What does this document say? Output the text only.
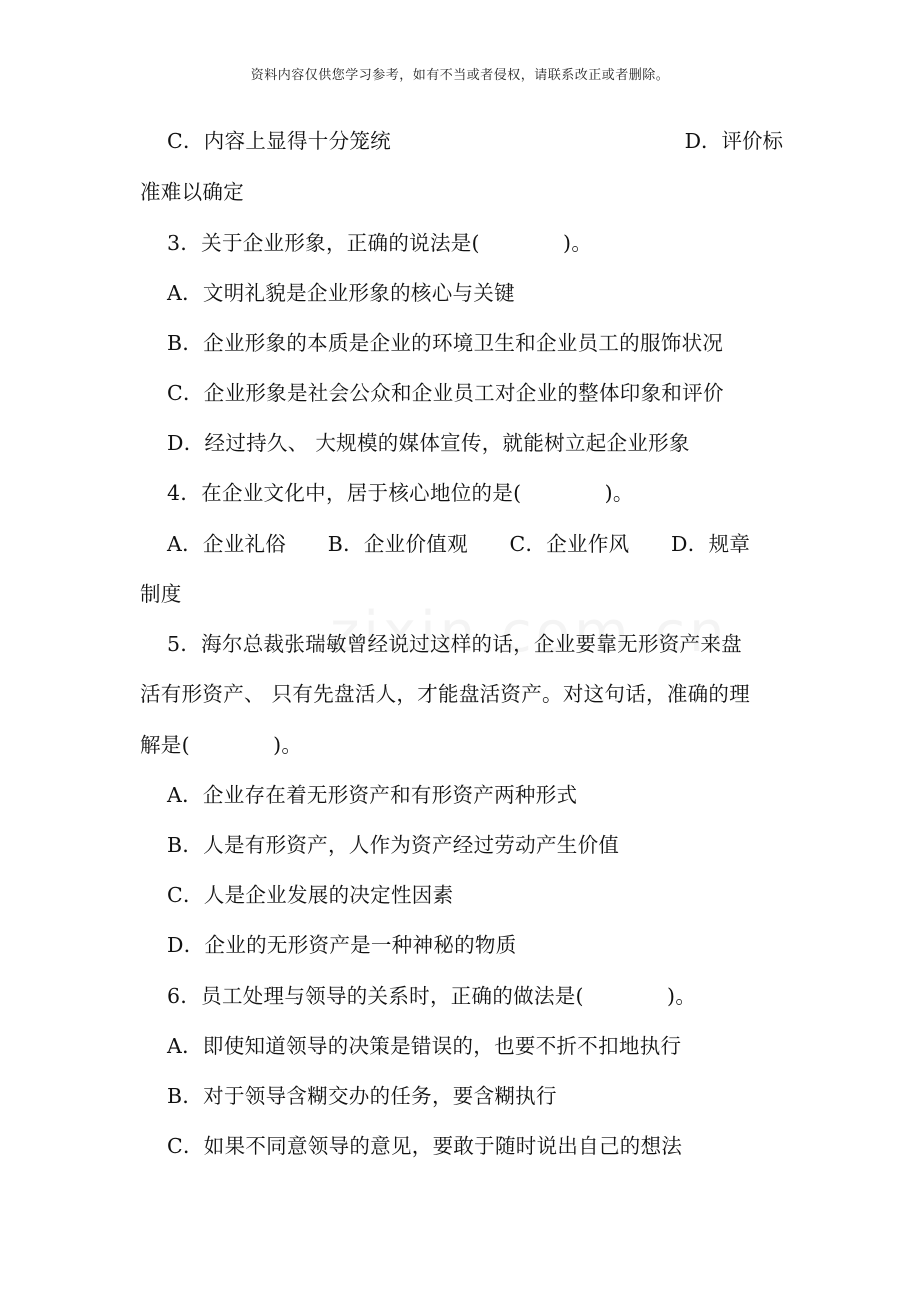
资料内容仅供您学习参考，如有不当或者侵权，请联系改正或者删除。
C．内容上显得十分笼统	D．评价标
准难以确定
3．关于企业形象，正确的说法是(　　　　)。
A．文明礼貌是企业形象的核心与关键
B．企业形象的本质是企业的环境卫生和企业员工的服饰状况
C．企业形象是社会公众和企业员工对企业的整体印象和评价
D．经过持久、 大规模的媒体宣传，就能树立起企业形象
4．在企业文化中，居于核心地位的是(　　　　)。
A．企业礼俗　　B．企业价值观　　C．企业作风　　D．规章
制度
5．海尔总裁张瑞敏曾经说过这样的话，企业要靠无形资产来盘
活有形资产、 只有先盘活人，才能盘活资产。对这句话，准确的理
解是(　　　　)。
A．企业存在着无形资产和有形资产两种形式
B．人是有形资产，人作为资产经过劳动产生价值
C．人是企业发展的决定性因素
D．企业的无形资产是一种神秘的物质
6．员工处理与领导的关系时，正确的做法是(　　　　)。
A．即使知道领导的决策是错误的，也要不折不扣地执行
B．对于领导含糊交办的任务，要含糊执行
C．如果不同意领导的意见，要敢于随时说出自己的想法
